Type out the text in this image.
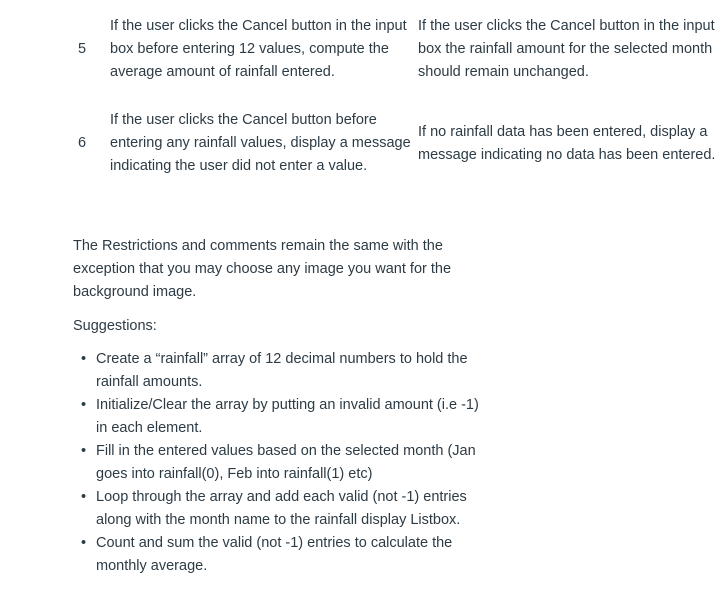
5
If the user clicks the Cancel button in the input box before entering 12 values, compute the average amount of rainfall entered.
If the user clicks the Cancel button in the input box the rainfall amount for the selected month should remain unchanged.
6
If the user clicks the Cancel button before entering any rainfall values, display a message indicating the user did not enter a value.
If no rainfall data has been entered, display a message indicating no data has been entered.

The Restrictions and comments remain the same with the exception that you may choose any image you want for the background image.

Suggestions:

• Create a “rainfall” array of 12 decimal numbers to hold the rainfall amounts.
• Initialize/Clear the array by putting an invalid amount (i.e -1) in each element.
• Fill in the entered values based on the selected month (Jan goes into rainfall(0), Feb into rainfall(1) etc)
• Loop through the array and add each valid (not -1) entries along with the month name to the rainfall display Listbox.
• Count and sum the valid (not -1) entries to calculate the monthly average.
